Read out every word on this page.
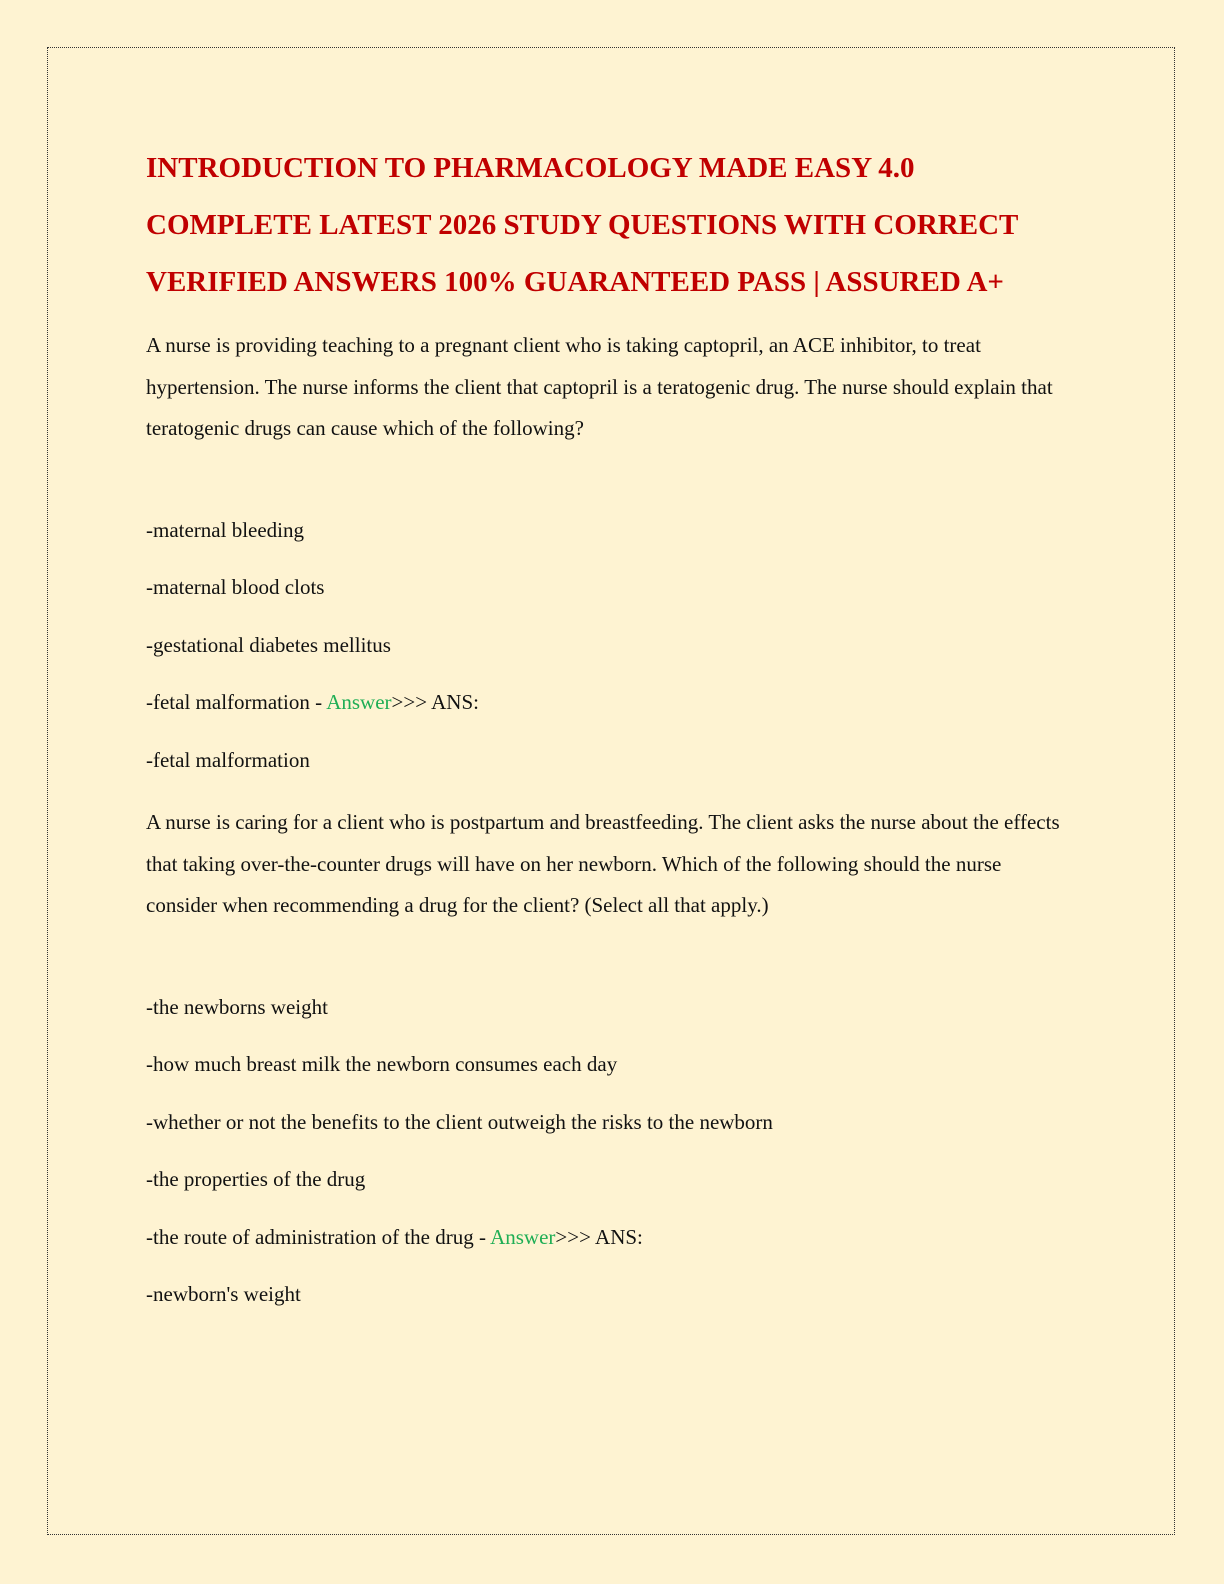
INTRODUCTION TO PHARMACOLOGY MADE EASY 4.0 COMPLETE LATEST 2026 STUDY QUESTIONS WITH CORRECT VERIFIED ANSWERS 100% GUARANTEED PASS | ASSURED A+

A nurse is providing teaching to a pregnant client who is taking captopril, an ACE inhibitor, to treat hypertension. The nurse informs the client that captopril is a teratogenic drug. The nurse should explain that teratogenic drugs can cause which of the following?

-maternal bleeding

-maternal blood clots

-gestational diabetes mellitus

-fetal malformation - Answer>>> ANS:

-fetal malformation

A nurse is caring for a client who is postpartum and breastfeeding. The client asks the nurse about the effects that taking over-the-counter drugs will have on her newborn. Which of the following should the nurse consider when recommending a drug for the client? (Select all that apply.)

-the newborns weight

-how much breast milk the newborn consumes each day

-whether or not the benefits to the client outweigh the risks to the newborn

-the properties of the drug

-the route of administration of the drug - Answer>>> ANS:

-newborn's weight
